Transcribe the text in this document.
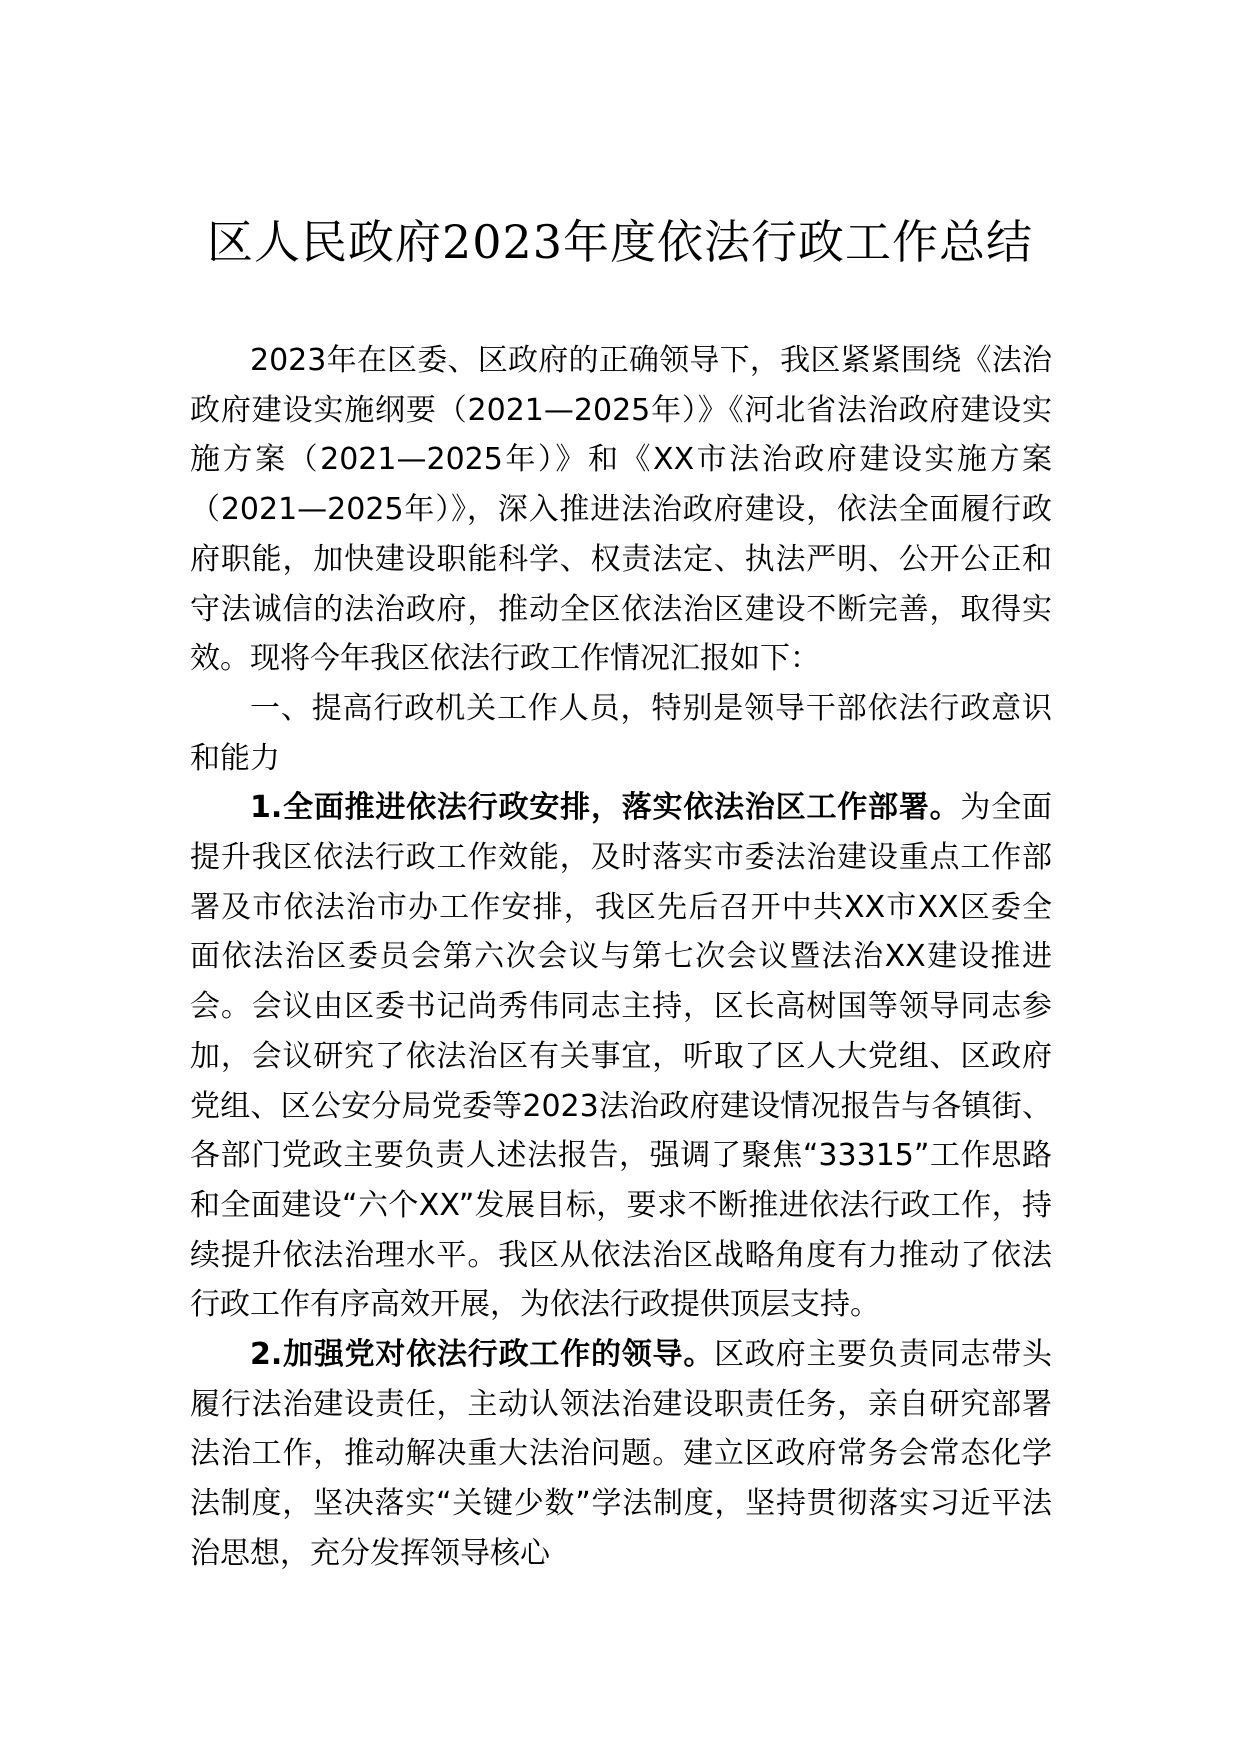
区人民政府2023年度依法行政工作总结

2023年在区委、区政府的正确领导下，我区紧紧围绕《法治政府建设实施纲要（2021—2025年）》《河北省法治政府建设实施方案（2021—2025年）》和《XX市法治政府建设实施方案（2021—2025年）》，深入推进法治政府建设，依法全面履行政府职能，加快建设职能科学、权责法定、执法严明、公开公正和守法诚信的法治政府，推动全区依法治区建设不断完善，取得实效。现将今年我区依法行政工作情况汇报如下：

一、提高行政机关工作人员，特别是领导干部依法行政意识和能力

1.全面推进依法行政安排，落实依法治区工作部署。为全面提升我区依法行政工作效能，及时落实市委法治建设重点工作部署及市依法治市办工作安排，我区先后召开中共XX市XX区委全面依法治区委员会第六次会议与第七次会议暨法治XX建设推进会。会议由区委书记尚秀伟同志主持，区长高树国等领导同志参加，会议研究了依法治区有关事宜，听取了区人大党组、区政府党组、区公安分局党委等2023法治政府建设情况报告与各镇街、各部门党政主要负责人述法报告，强调了聚焦“33315”工作思路和全面建设“六个XX”发展目标，要求不断推进依法行政工作，持续提升依法治理水平。我区从依法治区战略角度有力推动了依法行政工作有序高效开展，为依法行政提供顶层支持。

2.加强党对依法行政工作的领导。区政府主要负责同志带头履行法治建设责任，主动认领法治建设职责任务，亲自研究部署法治工作，推动解决重大法治问题。建立区政府常务会常态化学法制度，坚决落实“关键少数”学法制度，坚持贯彻落实习近平法治思想，充分发挥领导核心
